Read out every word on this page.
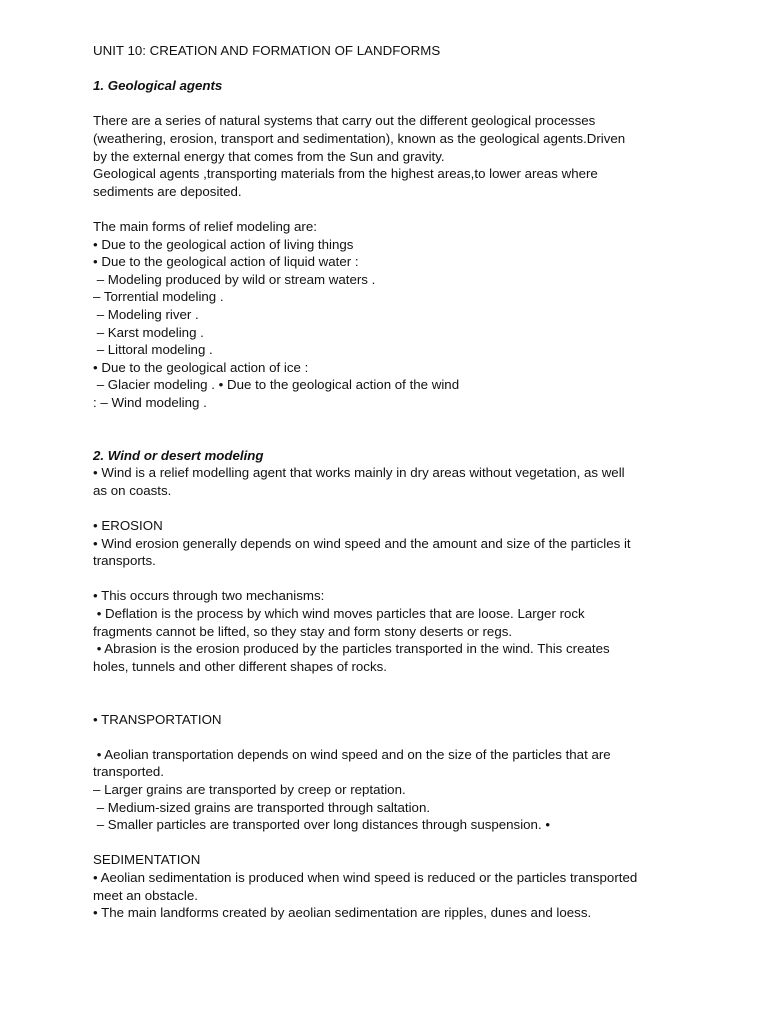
UNIT 10: CREATION AND FORMATION OF LANDFORMS

1. Geological agents

There are a series of natural systems that carry out the different geological processes

(weathering, erosion, transport and sedimentation), known as the geological agents.Driven

by the external energy that comes from the Sun and gravity.

Geological agents ,transporting materials from the highest areas,to lower areas where

sediments are deposited.

The main forms of relief modeling are:

• Due to the geological action of living things

• Due to the geological action of liquid water :

– Modeling produced by wild or stream waters .

– Torrential modeling .

– Modeling river .

– Karst modeling .

– Littoral modeling .

• Due to the geological action of ice :

– Glacier modeling . • Due to the geological action of the wind

: – Wind modeling .

2. Wind or desert modeling

• Wind is a relief modelling agent that works mainly in dry areas without vegetation, as well

as on coasts.

• EROSION

• Wind erosion generally depends on wind speed and the amount and size of the particles it

transports.

• This occurs through two mechanisms:

• Deflation is the process by which wind moves particles that are loose. Larger rock

fragments cannot be lifted, so they stay and form stony deserts or regs.

• Abrasion is the erosion produced by the particles transported in the wind. This creates

holes, tunnels and other different shapes of rocks.

• TRANSPORTATION

• Aeolian transportation depends on wind speed and on the size of the particles that are

transported.

– Larger grains are transported by creep or reptation.

– Medium-sized grains are transported through saltation.

– Smaller particles are transported over long distances through suspension. •

SEDIMENTATION

• Aeolian sedimentation is produced when wind speed is reduced or the particles transported

meet an obstacle.

• The main landforms created by aeolian sedimentation are ripples, dunes and loess.
